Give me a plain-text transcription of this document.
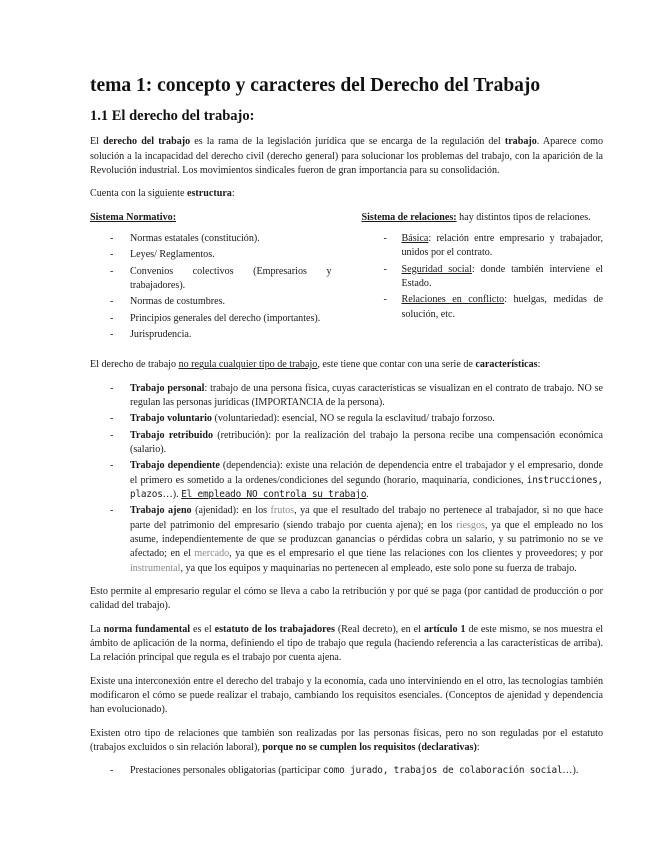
tema 1: concepto y caracteres del Derecho del Trabajo
1.1 El derecho del trabajo:

El derecho del trabajo es la rama de la legislación jurídica que se encarga de la regulación del trabajo. Aparece como solución a la incapacidad del derecho civil (derecho general) para solucionar los problemas del trabajo, con la aparición de la Revolución industrial. Los movimientos sindicales fueron de gran importancia para su consolidación.

Cuenta con la siguiente estructura:

Sistema Normativo:
- Normas estatales (constitución).
- Leyes/ Reglamentos.
- Convenios colectivos (Empresarios y trabajadores).
- Normas de costumbres.
- Principios generales del derecho (importantes).
- Jurisprudencia.
Sistema de relaciones: hay distintos tipos de relaciones.
- Básica: relación entre empresario y trabajador, unidos por el contrato.
- Seguridad social: donde también interviene el Estado.
- Relaciones en conflicto: huelgas, medidas de solución, etc.

El derecho de trabajo no regula cualquier tipo de trabajo, este tiene que contar con una serie de características:

- Trabajo personal: trabajo de una persona física, cuyas características se visualizan en el contrato de trabajo. NO se regulan las personas jurídicas (IMPORTANCIA de la persona).
- Trabajo voluntario (voluntariedad): esencial, NO se regula la esclavitud/ trabajo forzoso.
- Trabajo retribuido (retribución): por la realización del trabajo la persona recibe una compensación económica (salario).
- Trabajo dependiente (dependencia): existe una relación de dependencia entre el trabajador y el empresario, donde el primero es sometido a la ordenes/condiciones del segundo (horario, maquinaria, condiciones, instrucciones, plazos…). El empleado NO controla su trabajo.
- Trabajo ajeno (ajenidad): en los frutos, ya que el resultado del trabajo no pertenece al trabajador, si no que hace parte del patrimonio del empresario (siendo trabajo por cuenta ajena); en los riesgos, ya que el empleado no los asume, independientemente de que se produzcan ganancias o pérdidas cobra un salario, y su patrimonio no se ve afectado; en el mercado, ya que es el empresario el que tiene las relaciones con los clientes y proveedores; y por instrumental, ya que los equipos y maquinarias no pertenecen al empleado, este solo pone su fuerza de trabajo.

Esto permite al empresario regular el cómo se lleva a cabo la retribución y por qué se paga (por cantidad de producción o por calidad del trabajo).

La norma fundamental es el estatuto de los trabajadores (Real decreto), en el artículo 1 de este mismo, se nos muestra el ámbito de aplicación de la norma, definiendo el tipo de trabajo que regula (haciendo referencia a las características de arriba). La relación principal que regula es el trabajo por cuenta ajena.

Existe una interconexión entre el derecho del trabajo y la economía, cada uno interviniendo en el otro, las tecnologías también modificaron el cómo se puede realizar el trabajo, cambiando los requisitos esenciales. (Conceptos de ajenidad y dependencia han evolucionado).

Existen otro tipo de relaciones que también son realizadas por las personas físicas, pero no son reguladas por el estatuto (trabajos excluidos o sin relación laboral), porque no se cumplen los requisitos (declarativas):

- Prestaciones personales obligatorias (participar como jurado, trabajos de colaboración social…).
